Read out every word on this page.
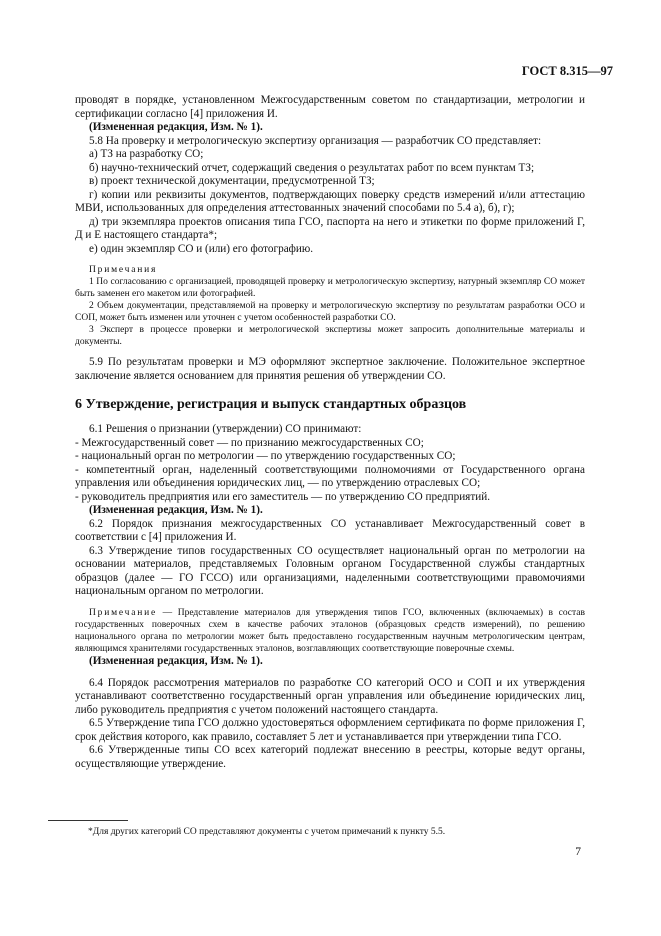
ГОСТ 8.315—97

проводят в порядке, установленном Межгосударственным советом по стандартизации, метрологии и сертификации согласно [4] приложения И.

(Измененная редакция, Изм. № 1).

5.8 На проверку и метрологическую экспертизу организация — разработчик СО представляет:

а) ТЗ на разработку СО;

б) научно-технический отчет, содержащий сведения о результатах работ по всем пунктам ТЗ;

в) проект технической документации, предусмотренной ТЗ;

г) копии или реквизиты документов, подтверждающих поверку средств измерений и/или аттестацию МВИ, использованных для определения аттестованных значений способами по 5.4 а), б), г);

д) три экземпляра проектов описания типа ГСО, паспорта на него и этикетки по форме приложений Г, Д и Е настоящего стандарта*;

е) один экземпляр СО и (или) его фотографию.

Примечания

1 По согласованию с организацией, проводящей проверку и метрологическую экспертизу, натурный экземпляр СО может быть заменен его макетом или фотографией.

2 Объем документации, представляемой на проверку и метрологическую экспертизу по результатам разработки ОСО и СОП, может быть изменен или уточнен с учетом особенностей разработки СО.

3 Эксперт в процессе проверки и метрологической экспертизы может запросить дополнительные материалы и документы.

5.9 По результатам проверки и МЭ оформляют экспертное заключение. Положительное экспертное заключение является основанием для принятия решения об утверждении СО.

6 Утверждение, регистрация и выпуск стандартных образцов

6.1 Решения о признании (утверждении) СО принимают:

- Межгосударственный совет — по признанию межгосударственных СО;

- национальный орган по метрологии — по утверждению государственных СО;

- компетентный орган, наделенный соответствующими полномочиями от Государственного органа управления или объединения юридических лиц, — по утверждению отраслевых СО;

- руководитель предприятия или его заместитель — по утверждению СО предприятий.

(Измененная редакция, Изм. № 1).

6.2 Порядок признания межгосударственных СО устанавливает Межгосударственный совет в соответствии с [4] приложения И.

6.3 Утверждение типов государственных СО осуществляет национальный орган по метрологии на основании материалов, представляемых Головным органом Государственной службы стандартных образцов (далее — ГО ГССО) или организациями, наделенными соответствующими правомочиями национальным органом по метрологии.

Примечание — Представление материалов для утверждения типов ГСО, включенных (включаемых) в состав государственных поверочных схем в качестве рабочих эталонов (образцовых средств измерений), по решению национального органа по метрологии может быть предоставлено государственным научным метрологическим центрам, являющимся хранителями государственных эталонов, возглавляющих соответствующие поверочные схемы.

(Измененная редакция, Изм. № 1).

6.4 Порядок рассмотрения материалов по разработке СО категорий ОСО и СОП и их утверждения устанавливают соответственно государственный орган управления или объединение юридических лиц, либо руководитель предприятия с учетом положений настоящего стандарта.

6.5 Утверждение типа ГСО должно удостоверяться оформлением сертификата по форме приложения Г, срок действия которого, как правило, составляет 5 лет и устанавливается при утверждении типа ГСО.

6.6 Утвержденные типы СО всех категорий подлежат внесению в реестры, которые ведут органы, осуществляющие утверждение.

*Для других категорий СО представляют документы с учетом примечаний к пункту 5.5.
7
